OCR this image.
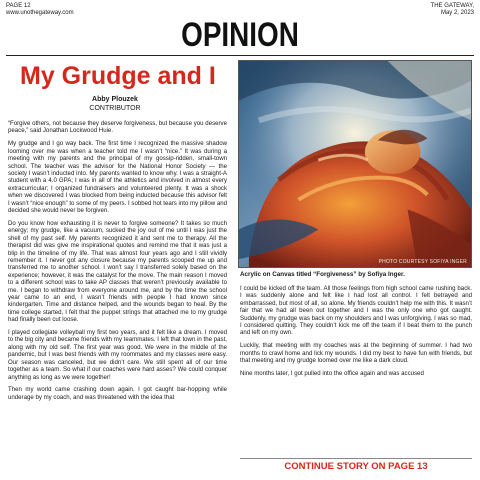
PAGE 12
www.unothegateway.com
THE GATEWAY,
May 2, 2023
OPINION
My Grudge and I
Abby Plouzek
CONTRIBUTOR

“Forgive others, not because they deserve forgiveness, but because you deserve peace,” said Jonathan Lockwood Huie.

My grudge and I go way back. The first time I recognized the massive shadow looming over me was when a teacher told me I wasn’t “nice.” It was during a meeting with my parents and the principal of my gossip-ridden, small-town school. The teacher was the advisor for the National Honor Society — the society I wasn’t inducted into. My parents wanted to know why. I was a straight-A student with a 4.0 GPA; I was in all of the athletics and involved in almost every extracurricular; I organized fundraisers and volunteered plenty. It was a shock when we discovered I was blocked from being inducted because this advisor felt I wasn’t “nice enough” to some of my peers. I sobbed hot tears into my pillow and decided she would never be forgiven.

Do you know how exhausting it is never to forgive someone? It takes so much energy; my grudge, like a vacuum, sucked the joy out of me until I was just the shell of my past self. My parents recognized it and sent me to therapy. All the therapist did was give me inspirational quotes and remind me that it was just a blip in the timeline of my life. That was almost four years ago and I still vividly remember it. I never got any closure because my parents scooped me up and transferred me to another school. I won’t say I transferred solely based on the experience; however, it was the catalyst for the move. The main reason I moved to a different school was to take AP classes that weren’t previously available to me. I began to withdraw from everyone around me, and by the time the school year came to an end, I wasn’t friends with people I had known since kindergarten. Time and distance helped, and the wounds began to heal. By the time college started, I felt that the puppet strings that attached me to my grudge had finally been cut loose.

I played collegiate volleyball my first two years, and it felt like a dream. I moved to the big city and became friends with my teammates. I left that town in the past, along with my old self. The first year was good. We were in the middle of the pandemic, but I was best friends with my roommates and my classes were easy. Our season was canceled, but we didn’t care. We still spent all of our time together as a team. So what if our coaches were hard asses? We could conquer anything as long as we were together!

Then my world came crashing down again. I got caught bar-hopping while underage by my coach, and was threatened with the idea that

PHOTO COURTESY SOFIYA INGER
Acrylic on Canvas titled “Forgiveness” by Sofiya Inger.

I could be kicked off the team. All those feelings from high school came rushing back. I was suddenly alone and felt like I had lost all control. I felt betrayed and embarrassed, but most of all, so alone. My friends couldn’t help me with this. It wasn’t fair that we had all been out together and I was the only one who got caught. Suddenly, my grudge was back on my shoulders and I was unforgiving. I was so mad, I considered quitting. They couldn’t kick me off the team if I beat them to the punch and left on my own.

Luckily, that meeting with my coaches was at the beginning of summer. I had two months to crawl home and lick my wounds. I did my best to have fun with friends, but that meeting and my grudge loomed over me like a dark cloud.

Nine months later, I got pulled into the office again and was accused

CONTINUE STORY ON PAGE 13
